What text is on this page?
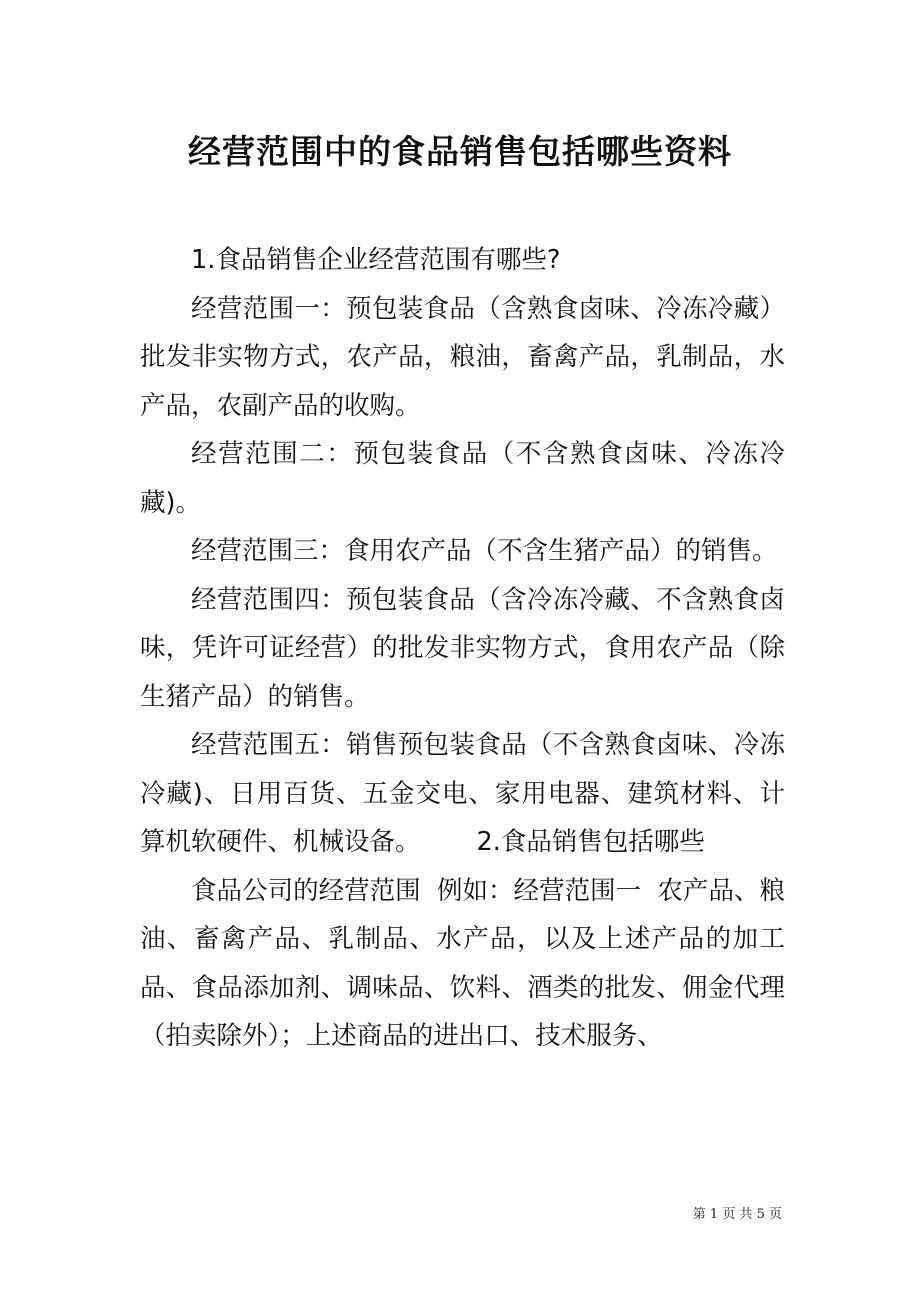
经营范围中的食品销售包括哪些资料

1.食品销售企业经营范围有哪些?

经营范围一：预包装食品（含熟食卤味、冷冻冷藏）批发非实物方式，农产品，粮油，畜禽产品，乳制品，水产品，农副产品的收购。

经营范围二：预包装食品（不含熟食卤味、冷冻冷藏)。

经营范围三：食用农产品（不含生猪产品）的销售。

经营范围四：预包装食品（含冷冻冷藏、不含熟食卤味，凭许可证经营）的批发非实物方式，食用农产品（除生猪产品）的销售。

经营范围五：销售预包装食品（不含熟食卤味、冷冻冷藏)、日用百货、五金交电、家用电器、建筑材料、计算机软硬件、机械设备。 2.食品销售包括哪些

食品公司的经营范围  例如：经营范围一  农产品、粮油、畜禽产品、乳制品、水产品，以及上述产品的加工品、食品添加剂、调味品、饮料、酒类的批发、佣金代理（拍卖除外）；上述商品的进出口、技术服务、

第 1 页 共 5 页
